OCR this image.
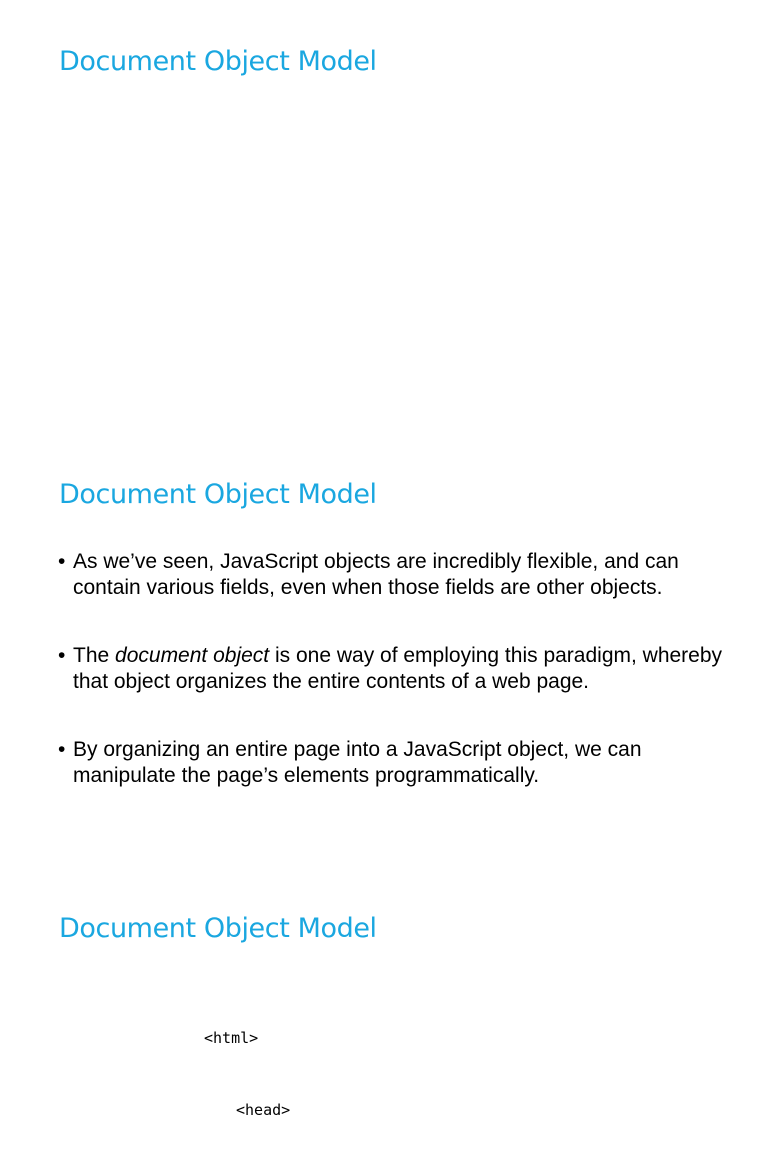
Document Object Model
Document Object Model
• As we’ve seen, JavaScript objects are incredibly flexible, and can contain various fields, even when those fields are other objects.
• The document object is one way of employing this paradigm, whereby that object organizes the entire contents of a web page.
• By organizing an entire page into a JavaScript object, we can manipulate the page’s elements programmatically.
Document Object Model

<html>

<head>
